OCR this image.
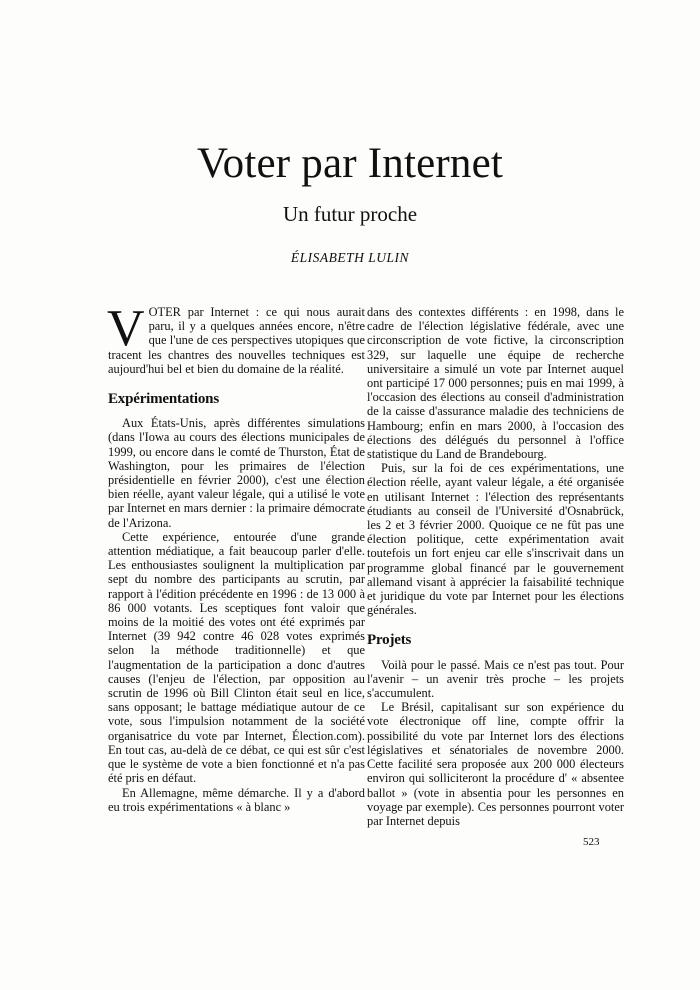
Voter par Internet
Un futur proche
ÉLISABETH LULIN

VOTER par Internet : ce qui nous aurait paru, il y a quelques années encore, n'être que l'une de ces perspectives utopiques que tracent les chantres des nouvelles techniques est aujourd'hui bel et bien du domaine de la réalité.

Expérimentations

Aux États-Unis, après différentes simulations (dans l'Iowa au cours des élections municipales de 1999, ou encore dans le comté de Thurston, État de Washington, pour les primaires de l'élection présidentielle en février 2000), c'est une élection bien réelle, ayant valeur légale, qui a utilisé le vote par Internet en mars dernier : la primaire démocrate de l'Arizona.

Cette expérience, entourée d'une grande attention médiatique, a fait beaucoup parler d'elle. Les enthousiastes soulignent la multiplication par sept du nombre des participants au scrutin, par rapport à l'édition précédente en 1996 : de 13 000 à 86 000 votants. Les sceptiques font valoir que moins de la moitié des votes ont été exprimés par Internet (39 942 contre 46 028 votes exprimés selon la méthode traditionnelle) et que l'augmentation de la participation a donc d'autres causes (l'enjeu de l'élection, par opposition au scrutin de 1996 où Bill Clinton était seul en lice, sans opposant; le battage médiatique autour de ce vote, sous l'impulsion notamment de la société organisatrice du vote par Internet, Élection.com). En tout cas, au-delà de ce débat, ce qui est sûr c'est que le système de vote a bien fonctionné et n'a pas été pris en défaut.

En Allemagne, même démarche. Il y a d'abord eu trois expérimentations « à blanc »

dans des contextes différents : en 1998, dans le cadre de l'élection législative fédérale, avec une circonscription de vote fictive, la circonscription 329, sur laquelle une équipe de recherche universitaire a simulé un vote par Internet auquel ont participé 17 000 personnes; puis en mai 1999, à l'occasion des élections au conseil d'administration de la caisse d'assurance maladie des techniciens de Hambourg; enfin en mars 2000, à l'occasion des élections des délégués du personnel à l'office statistique du Land de Brandebourg.

Puis, sur la foi de ces expérimentations, une élection réelle, ayant valeur légale, a été organisée en utilisant Internet : l'élection des représentants étudiants au conseil de l'Université d'Osnabrück, les 2 et 3 février 2000. Quoique ce ne fût pas une élection politique, cette expérimentation avait toutefois un fort enjeu car elle s'inscrivait dans un programme global financé par le gouvernement allemand visant à apprécier la faisabilité technique et juridique du vote par Internet pour les élections générales.

Projets

Voilà pour le passé. Mais ce n'est pas tout. Pour l'avenir – un avenir très proche – les projets s'accumulent.

Le Brésil, capitalisant sur son expérience du vote électronique off line, compte offrir la possibilité du vote par Internet lors des élections législatives et sénatoriales de novembre 2000. Cette facilité sera proposée aux 200 000 électeurs environ qui solliciteront la procédure d' « absentee ballot » (vote in absentia pour les personnes en voyage par exemple). Ces personnes pourront voter par Internet depuis

523
